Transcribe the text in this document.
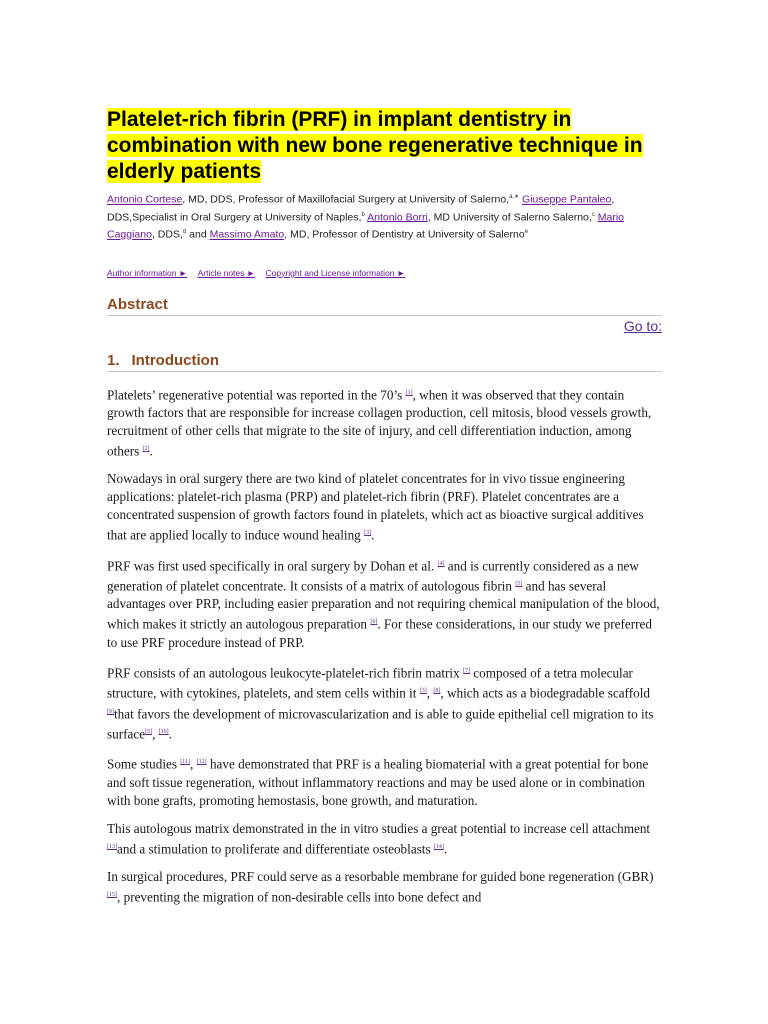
Platelet-rich fibrin (PRF) in implant dentistry in combination with new bone regenerative technique in elderly patients
Antonio Cortese, MD, DDS, Professor of Maxillofacial Surgery at University of Salerno,$^{a,∗}$ Giuseppe Pantaleo, DDS,Specialist in Oral Surgery at University of Naples,$^b$ Antonio Borri, MD University of Salerno Salerno,$^c$ Mario Caggiano, DDS,$^d$ and Massimo Amato, MD, Professor of Dentistry at University of Salerno$^e$
Author information ► Article notes ► Copyright and License information ►
Abstract
Go to:
1. Introduction

Platelets’ regenerative potential was reported in the 70’s [1], when it was observed that they contain growth factors that are responsible for increase collagen production, cell mitosis, blood vessels growth, recruitment of other cells that migrate to the site of injury, and cell differentiation induction, among others [2].

Nowadays in oral surgery there are two kind of platelet concentrates for in vivo tissue engineering applications: platelet-rich plasma (PRP) and platelet-rich fibrin (PRF). Platelet concentrates are a concentrated suspension of growth factors found in platelets, which act as bioactive surgical additives that are applied locally to induce wound healing [3].

PRF was first used specifically in oral surgery by Dohan et al. [4] and is currently considered as a new generation of platelet concentrate. It consists of a matrix of autologous fibrin [5] and has several advantages over PRP, including easier preparation and not requiring chemical manipulation of the blood, which makes it strictly an autologous preparation [6]. For these considerations, in our study we preferred to use PRF procedure instead of PRP.

PRF consists of an autologous leukocyte-platelet-rich fibrin matrix [7] composed of a tetra molecular structure, with cytokines, platelets, and stem cells within it [3], [8], which acts as a biodegradable scaffold [9]that favors the development of microvascularization and is able to guide epithelial cell migration to its surface[5], [10].

Some studies [11], [12] have demonstrated that PRF is a healing biomaterial with a great potential for bone and soft tissue regeneration, without inflammatory reactions and may be used alone or in combination with bone grafts, promoting hemostasis, bone growth, and maturation.

This autologous matrix demonstrated in the in vitro studies a great potential to increase cell attachment [13]and a stimulation to proliferate and differentiate osteoblasts [14].

In surgical procedures, PRF could serve as a resorbable membrane for guided bone regeneration (GBR) [15], preventing the migration of non-desirable cells into bone defect and
